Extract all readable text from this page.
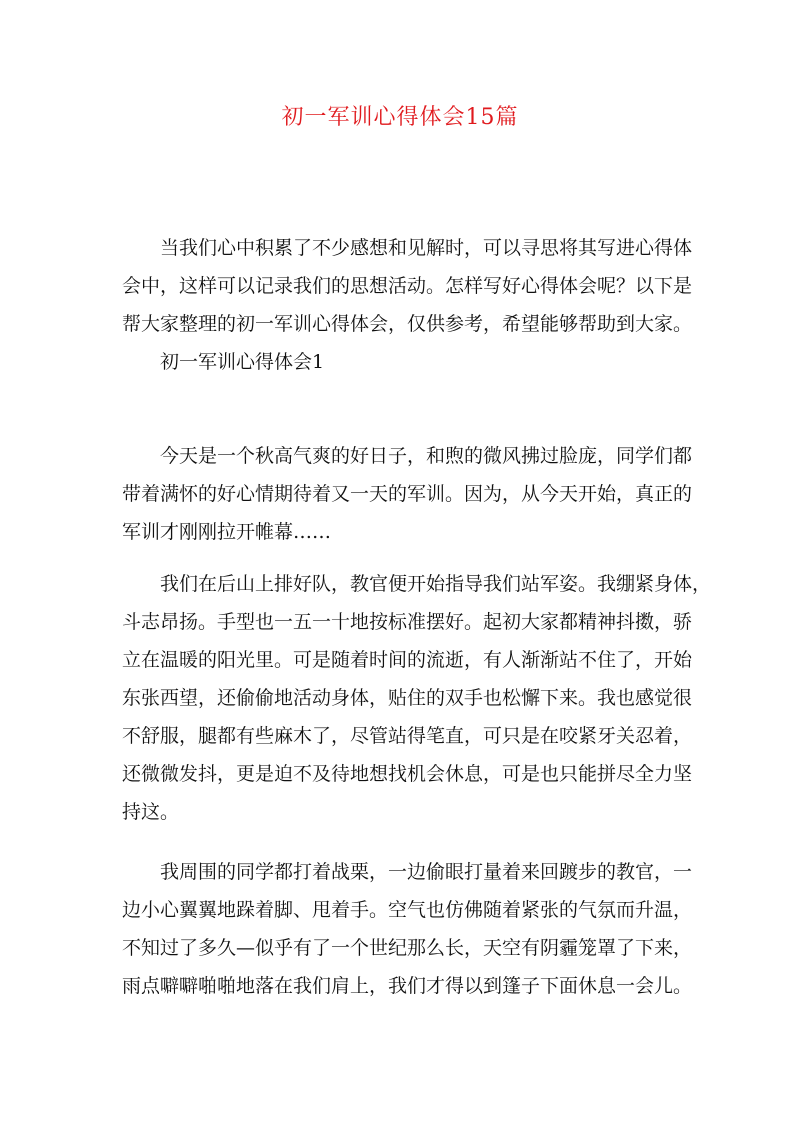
初一军训心得体会15篇
当我们心中积累了不少感想和见解时，可以寻思将其写进心得体
会中，这样可以记录我们的思想活动。怎样写好心得体会呢？以下是
帮大家整理的初一军训心得体会，仅供参考，希望能够帮助到大家。
初一军训心得体会1
今天是一个秋高气爽的好日子，和煦的微风拂过脸庞，同学们都
带着满怀的好心情期待着又一天的军训。因为，从今天开始，真正的
军训才刚刚拉开帷幕……
我们在后山上排好队，教官便开始指导我们站军姿。我绷紧身体，
斗志昂扬。手型也一五一十地按标准摆好。起初大家都精神抖擞，骄
立在温暖的阳光里。可是随着时间的流逝，有人渐渐站不住了，开始
东张西望，还偷偷地活动身体，贴住的双手也松懈下来。我也感觉很
不舒服，腿都有些麻木了，尽管站得笔直，可只是在咬紧牙关忍着，
还微微发抖，更是迫不及待地想找机会休息，可是也只能拼尽全力坚
持这。
我周围的同学都打着战栗，一边偷眼打量着来回踱步的教官，一
边小心翼翼地跺着脚、甩着手。空气也仿佛随着紧张的气氛而升温，
不知过了多久—似乎有了一个世纪那么长，天空有阴霾笼罩了下来，
雨点噼噼啪啪地落在我们肩上，我们才得以到篷子下面休息一会儿。
